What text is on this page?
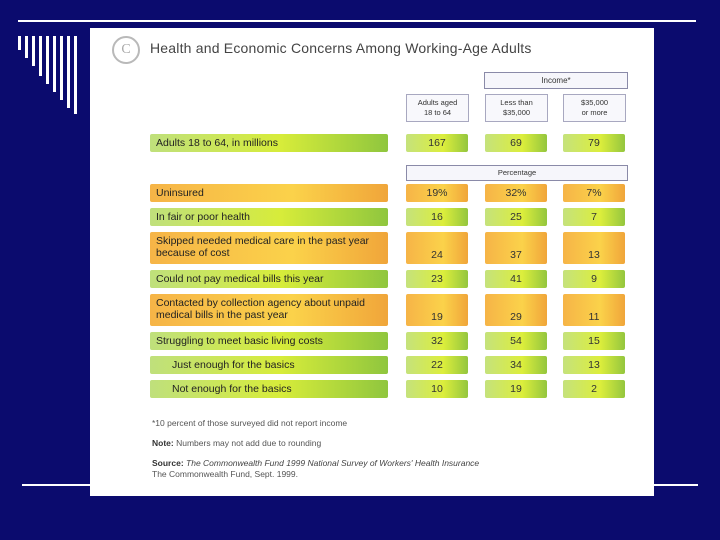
C	Health and Economic Concerns Among Working-Age Adults
Income*
Adults aged
18 to 64
Less than
$35,000
$35,000
or more
Adults 18 to 64, in millions	167	69	79
Percentage
Uninsured	19%	32%	7%
In fair or poor health	16	25	7
Skipped needed medical care in the past year because of cost	24	37	13
Could not pay medical bills this year	23	41	9
Contacted by collection agency about unpaid medical bills in the past year	19	29	11
Struggling to meet basic living costs	32	54	15
Just enough for the basics	22	34	13
Not enough for the basics	10	19	2
*10 percent of those surveyed did not report income
Note: Numbers may not add due to rounding
Source: The Commonwealth Fund 1999 National Survey of Workers' Health Insurance
The Commonwealth Fund, Sept. 1999.
